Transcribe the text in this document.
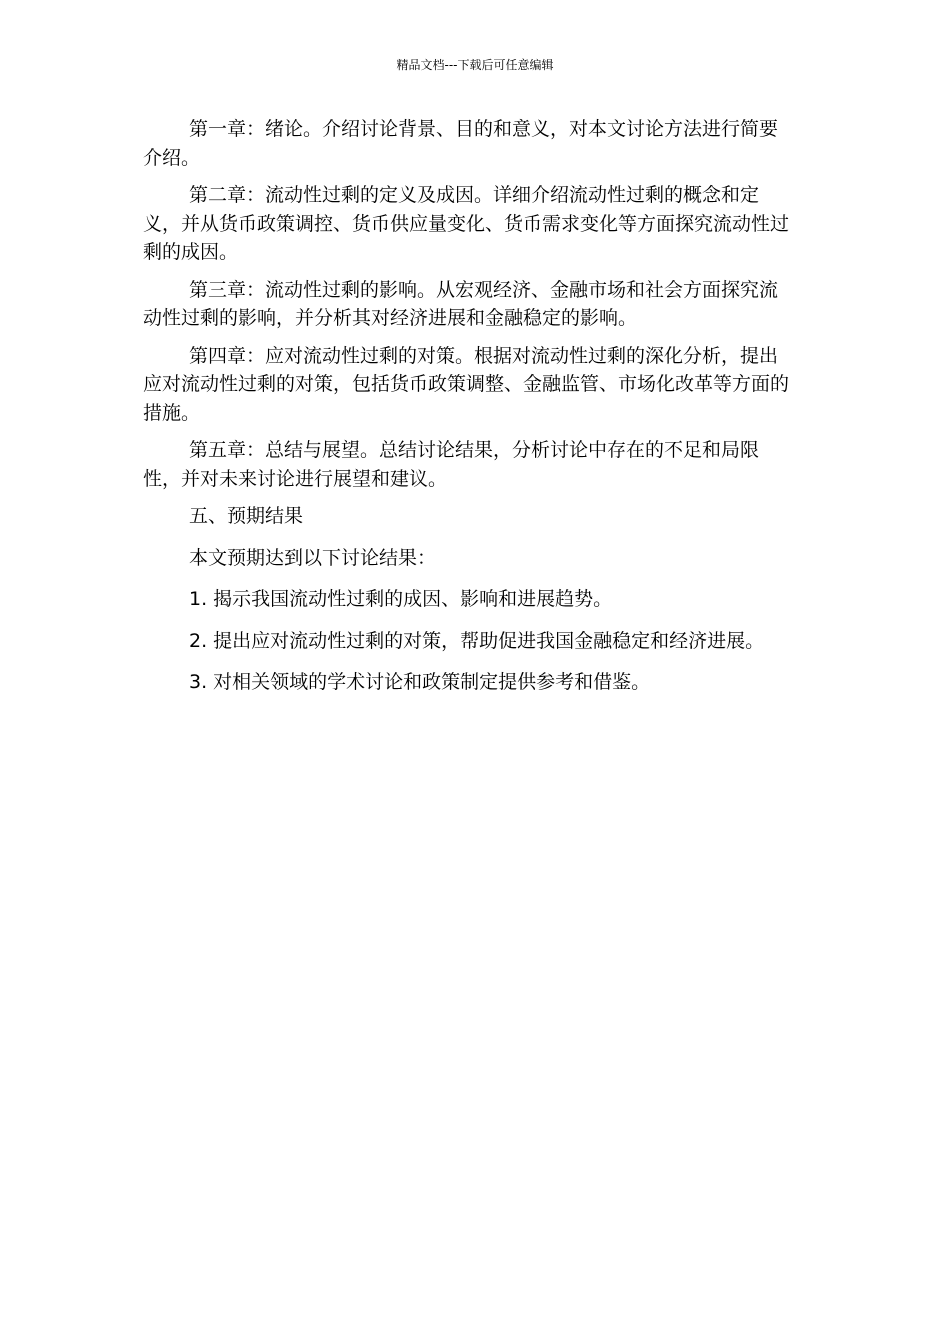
精品文档---下载后可任意编辑

第一章：绪论。介绍讨论背景、目的和意义，对本文讨论方法进行简要介绍。

第二章：流动性过剩的定义及成因。详细介绍流动性过剩的概念和定义，并从货币政策调控、货币供应量变化、货币需求变化等方面探究流动性过剩的成因。

第三章：流动性过剩的影响。从宏观经济、金融市场和社会方面探究流动性过剩的影响，并分析其对经济进展和金融稳定的影响。

第四章：应对流动性过剩的对策。根据对流动性过剩的深化分析，提出应对流动性过剩的对策，包括货币政策调整、金融监管、市场化改革等方面的措施。

第五章：总结与展望。总结讨论结果，分析讨论中存在的不足和局限性，并对未来讨论进行展望和建议。

五、预期结果
本文预期达到以下讨论结果：
1. 揭示我国流动性过剩的成因、影响和进展趋势。
2. 提出应对流动性过剩的对策，帮助促进我国金融稳定和经济进展。
3. 对相关领域的学术讨论和政策制定提供参考和借鉴。
